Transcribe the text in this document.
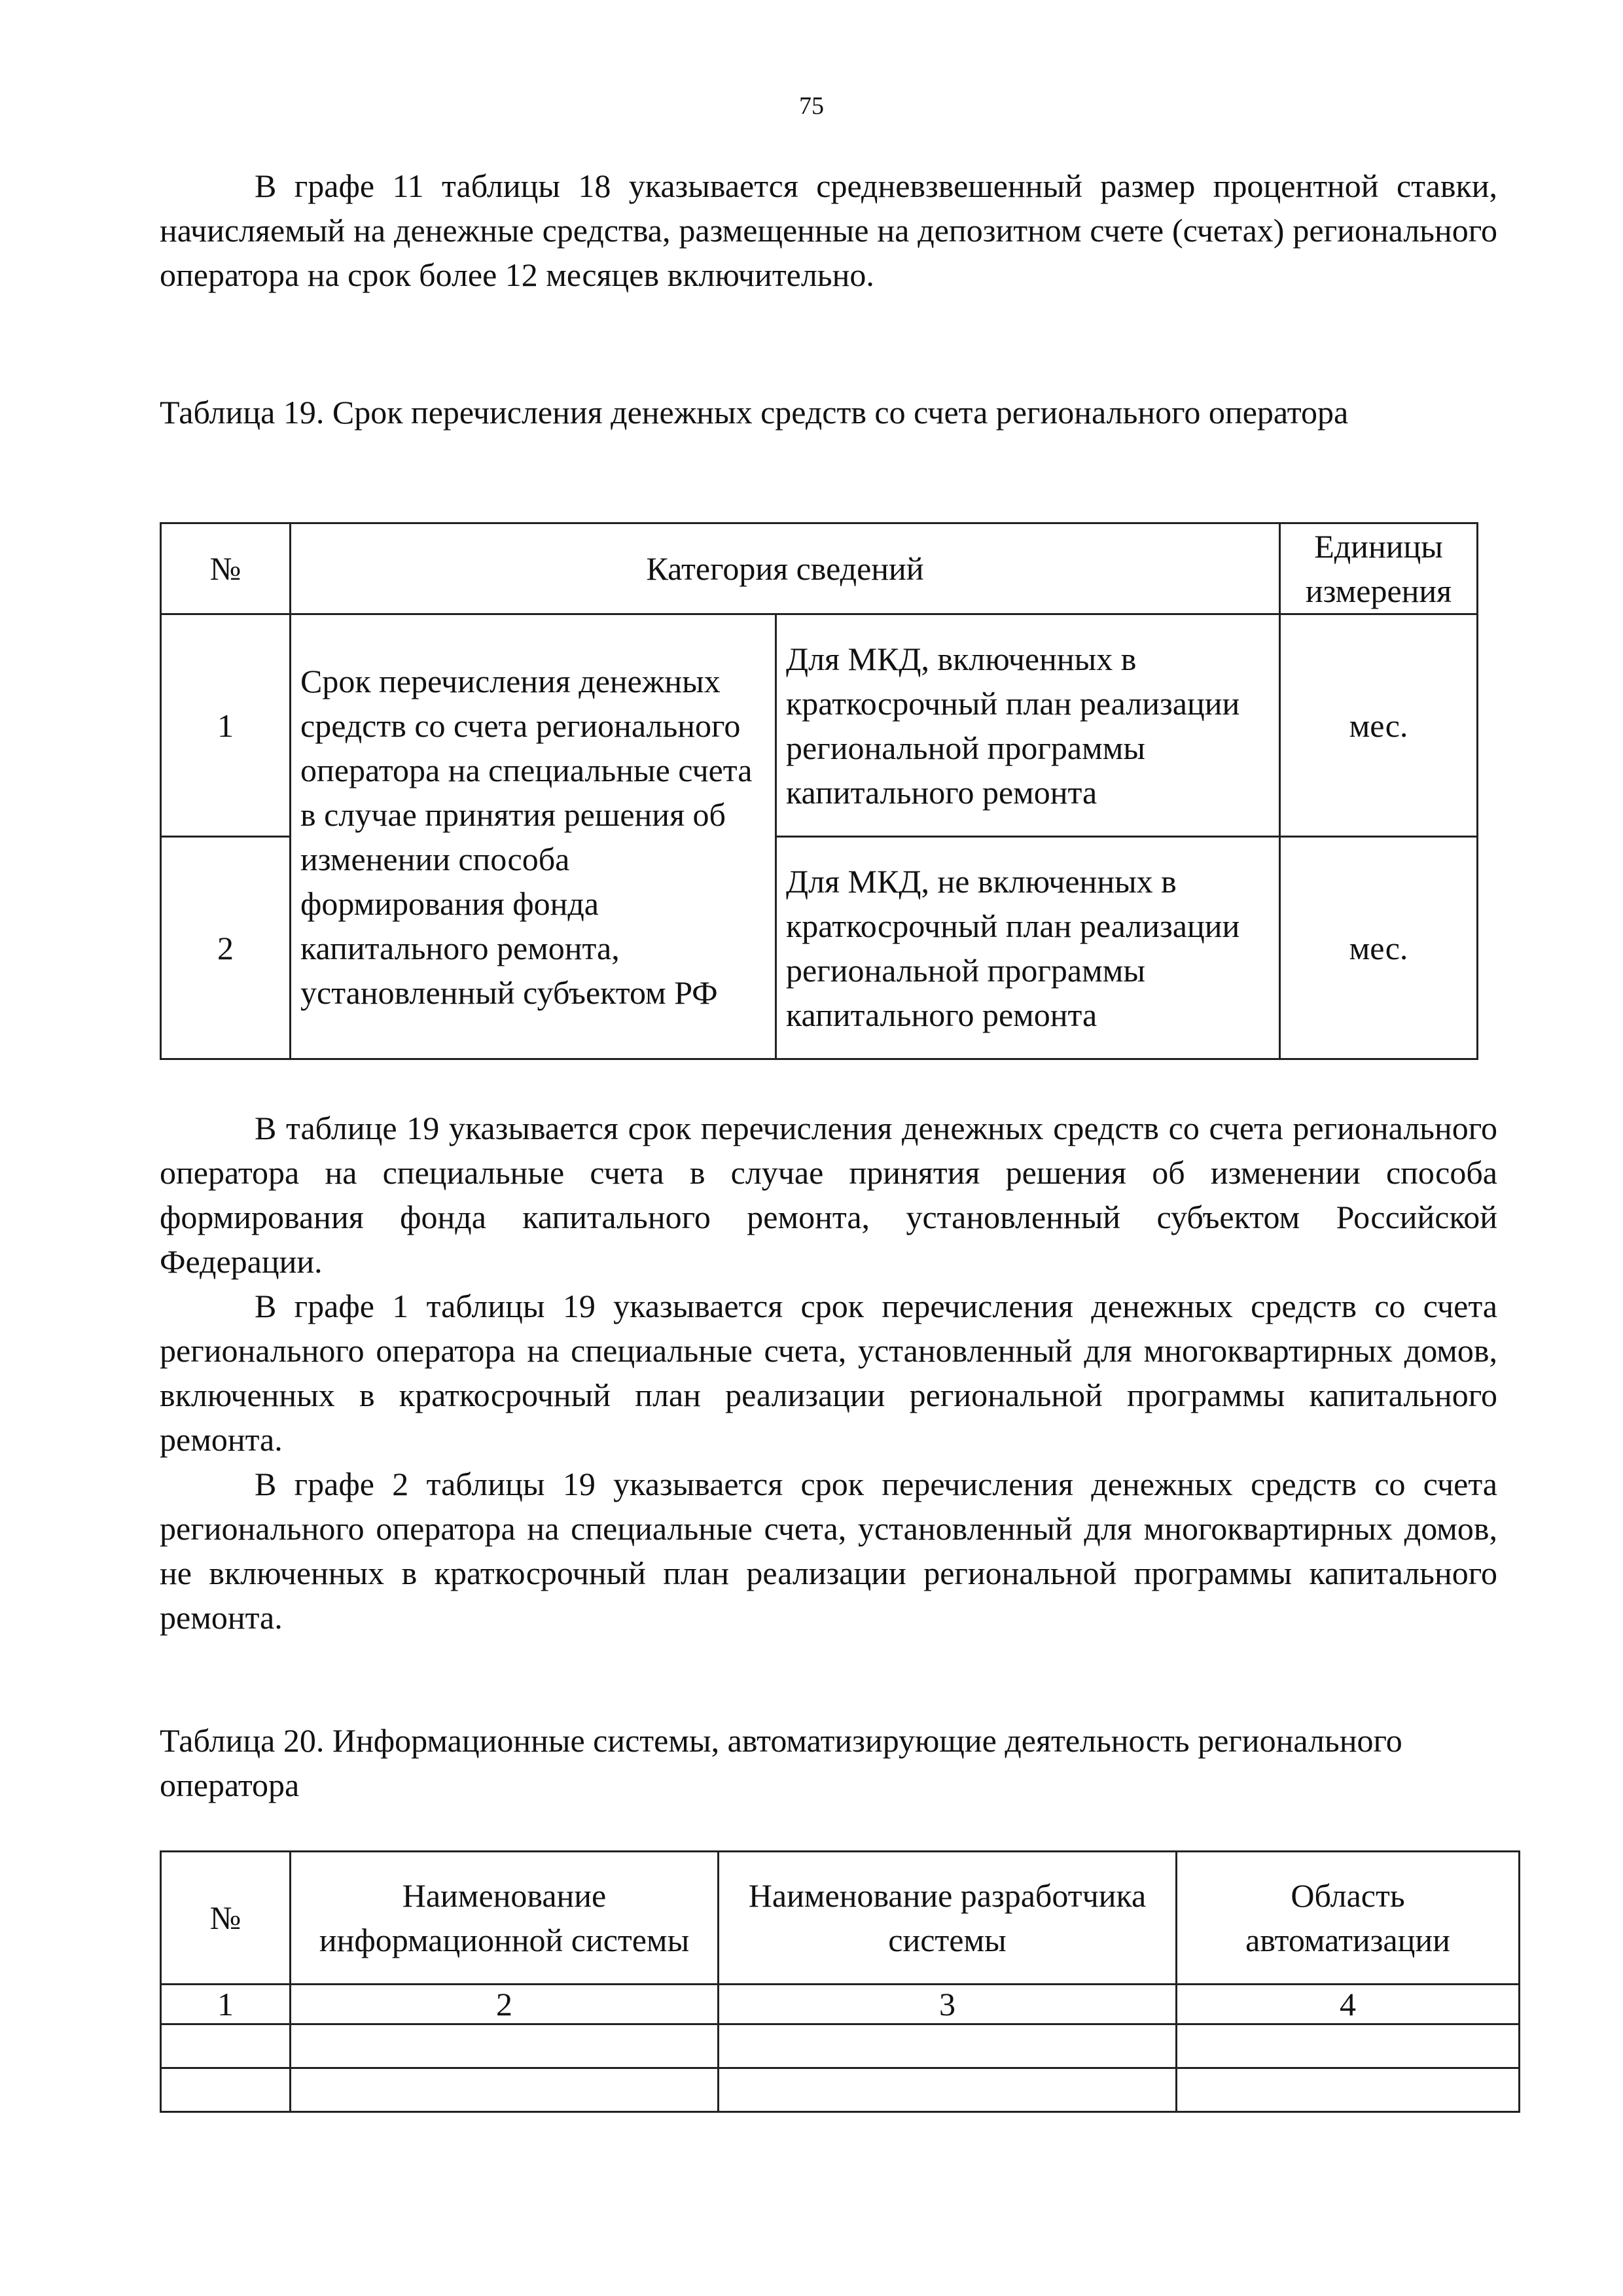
75

В графе 11 таблицы 18 указывается средневзвешенный размер процентной ставки, начисляемый на денежные средства, размещенные на депозитном счете (счетах) регионального оператора на срок более 12 месяцев включительно.

Таблица 19. Срок перечисления денежных средств со счета регионального оператора

№	Категория сведений		Единицы измерения
1	Срок перечисления денежных средств со счета регионального оператора на специальные счета в случае принятия решения об изменении способа формирования фонда капитального ремонта, установленный субъектом РФ	Для МКД, включенных в краткосрочный план реализации региональной программы капитального ремонта	мес.
2		Для МКД, не включенных в краткосрочный план реализации региональной программы капитального ремонта	мес.

В таблице 19 указывается срок перечисления денежных средств со счета регионального оператора на специальные счета в случае принятия решения об изменении способа формирования фонда капитального ремонта, установленный субъектом Российской Федерации.

В графе 1 таблицы 19 указывается срок перечисления денежных средств со счета регионального оператора на специальные счета, установленный для многоквартирных домов, включенных в краткосрочный план реализации региональной программы капитального ремонта.

В графе 2 таблицы 19 указывается срок перечисления денежных средств со счета регионального оператора на специальные счета, установленный для многоквартирных домов, не включенных в краткосрочный план реализации региональной программы капитального ремонта.

Таблица 20. Информационные системы, автоматизирующие деятельность регионального оператора

№	Наименование информационной системы	Наименование разработчика системы	Область автоматизации
1	2	3	4
